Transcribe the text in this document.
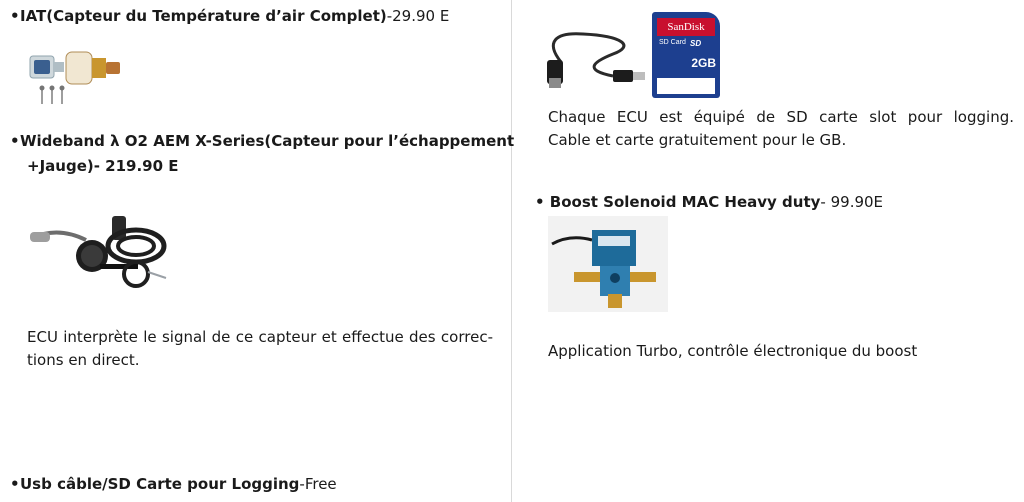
•IAT(Capteur du Température d’air Complet)-29.90 E
•Wideband λ O2 AEM X-Series(Capteur pour l’échappement
+Jauge)- 219.90 E
ECU interprète le signal de ce capteur et effectue des correc-
tions en direct.
•Usb câble/SD Carte pour Logging-Free
SanDisk
SD Card SD
2GB
Chaque ECU est équipé de SD carte slot pour logging.
Cable et carte gratuitement pour le GB.
• Boost Solenoid MAC Heavy duty- 99.90E
Application Turbo, contrôle électronique du boost
